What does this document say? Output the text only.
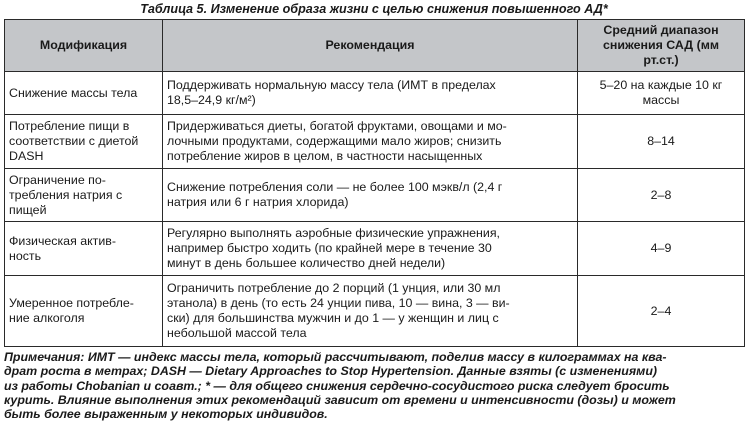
Таблица 5. Изменение образа жизни с целью снижения повышенного АД*
Модификация	Рекомендация	Средний диапазон
снижения САД (мм
рт.ст.)

Снижение массы тела	Поддерживать нормальную массу тела (ИМТ в пределах
18,5–24,9 кг/м²)	5–20 на каждые 10 кг
массы

Потребление пищи в
соответствии с диетой
DASH	Придерживаться диеты, богатой фруктами, овощами и мо-
лочными продуктами, содержащими мало жиров; снизить
потребление жиров в целом, в частности насыщенных	8–14

Ограничение по-
требления натрия с
пищей	Снижение потребления соли — не более 100 мэкв/л (2,4 г
натрия или 6 г натрия хлорида)	2–8

Физическая актив-
ность	Регулярно выполнять аэробные физические упражнения,
например быстро ходить (по крайней мере в течение 30
минут в день большее количество дней недели)	4–9

Умеренное потребле-
ние алкоголя	Ограничить потребление до 2 порций (1 унция, или 30 мл
этанола) в день (то есть 24 унции пива, 10 — вина, 3 — ви-
ски) для большинства мужчин и до 1 — у женщин и лиц с
небольшой массой тела	2–4
Примечания: ИМТ — индекс массы тела, который рассчитывают, поделив массу в килограммах на ква-
драт роста в метрах; DASH — Dietary Approaches to Stop Hypertension. Данные взяты (с изменениями)
из работы Chobanian и соавт.; * — для общего снижения сердечно-сосудистого риска следует бросить
курить. Влияние выполнения этих рекомендаций зависит от времени и интенсивности (дозы) и может
быть более выраженным у некоторых индивидов.
